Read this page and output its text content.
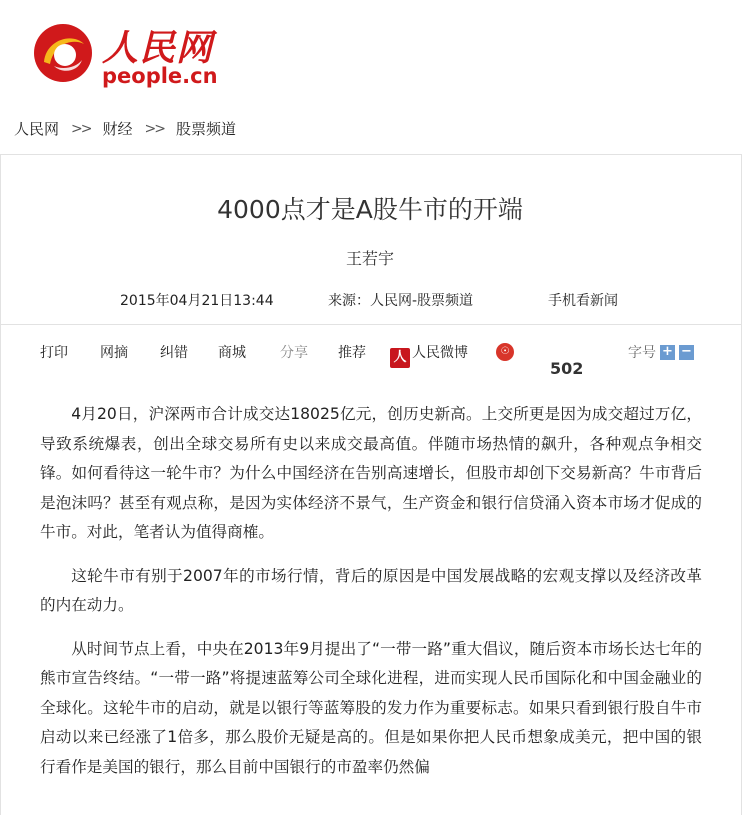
人民网
people.cn
人民网 >> 财经 >> 股票频道
4000点才是A股牛市的开端
王若宇
2015年04月21日13:44	来源：人民网-股票频道	手机看新闻
打印 网摘 纠错 商城 分享 推荐 人 人民微博	☉
502
字号 + −

4月20日，沪深两市合计成交达18025亿元，创历史新高。上交所更是因为成交超过万亿，导致系统爆表，创出全球交易所有史以来成交最高值。伴随市场热情的飙升，各种观点争相交锋。如何看待这一轮牛市？为什么中国经济在告别高速增长，但股市却创下交易新高？牛市背后是泡沫吗？甚至有观点称，是因为实体经济不景气，生产资金和银行信贷涌入资本市场才促成的牛市。对此，笔者认为值得商榷。

这轮牛市有别于2007年的市场行情，背后的原因是中国发展战略的宏观支撑以及经济改革的内在动力。

从时间节点上看，中央在2013年9月提出了“一带一路”重大倡议，随后资本市场长达七年的熊市宣告终结。“一带一路”将提速蓝筹公司全球化进程，进而实现人民币国际化和中国金融业的全球化。这轮牛市的启动，就是以银行等蓝筹股的发力作为重要标志。如果只看到银行股自牛市启动以来已经涨了1倍多，那么股价无疑是高的。但是如果你把人民币想象成美元，把中国的银行看作是美国的银行，那么目前中国银行的市盈率仍然偏
